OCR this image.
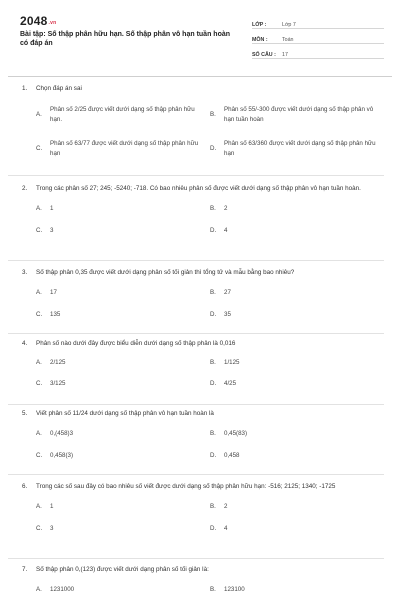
2048.vn
Bài tập: Số thập phân hữu hạn. Số thập phân vô hạn tuần hoàn có đáp án
LỚP :	Lớp 7
MÔN :	Toán
SỐ CÂU :	17
1.	Chọn đáp án sai
A.
Phân số 2/25 được viết dưới dạng số thập phân hữu hạn.
B.
Phân số 55/-300 được viết dưới dạng số thập phân vô hạn tuần hoàn
C.
Phân số 63/77 được viết dưới dạng số thập phân hữu hạn
D.
Phân số 63/360 được viết dưới dạng số thập phân hữu hạn
2.	Trong các phân số 27; 245; -5240; -718. Có bao nhiêu phân số được viết dưới dạng số thập phân vô hạn tuần hoàn.
A.	1	B.	2
C.	3	D.	4
3.	Số thập phân 0,35 được viết dưới dạng phân số tối giản thì tổng tử và mẫu bằng bao nhiêu?
A.	17	B.	27
C.	135	D.	35
4.	Phân số nào dưới đây được biểu diễn dưới dạng số thập phân là 0,016
A.	2/125	B.	1/125
C.	3/125	D.	4/25
5.	Viết phân số 11/24 dưới dạng số thập phân vô hạn tuần hoàn là
A.	0,(458)3	B.	0,45(83)
C.	0,458(3)	D.	0,458
6.	Trong các số sau đây có bao nhiêu số viết được dưới dạng số thập phân hữu hạn: -516; 2125; 1340; -1725
A.	1	B.	2
C.	3	D.	4
7.	Số thập phân 0,(123) được viết dưới dạng phân số tối giản là:
A.	1231000	B.	123100
